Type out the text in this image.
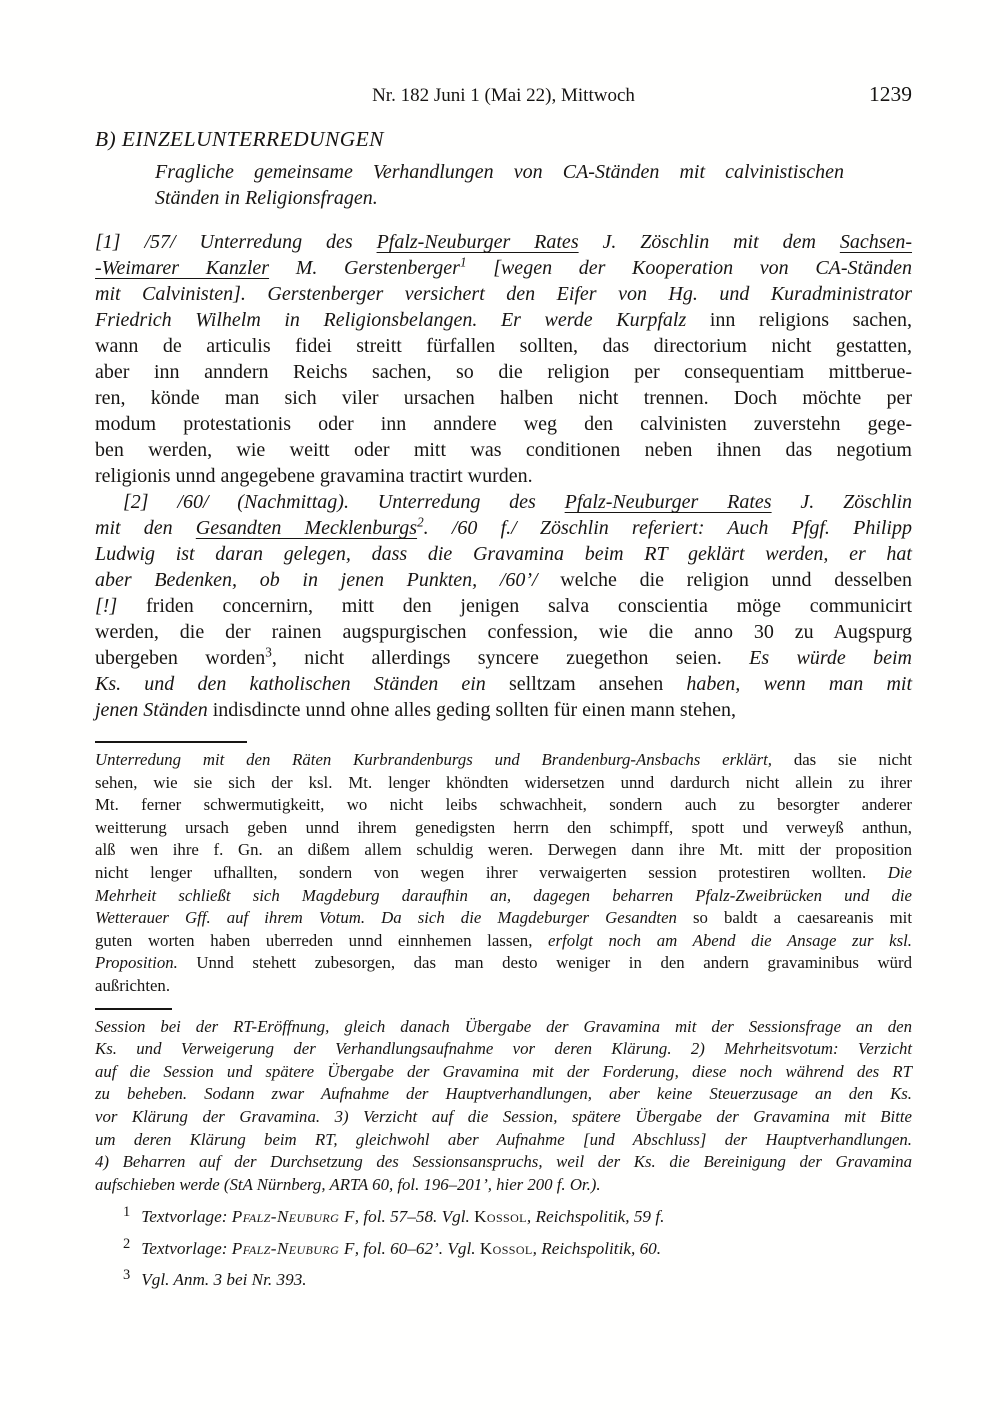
Nr. 182 Juni 1 (Mai 22), Mittwoch	1239
B) EINZELUNTERREDUNGEN
Fragliche gemeinsame Verhandlungen von CA-Ständen mit calvinistischen
Ständen in Religionsfragen.
[1] /57/ Unterredung des Pfalz-Neuburger Rates J. Zöschlin mit dem Sachsen-
-Weimarer Kanzler M. Gerstenberger$^1$ [wegen der Kooperation von CA-Ständen
mit Calvinisten]. Gerstenberger versichert den Eifer von Hg. und Kuradministrator
Friedrich Wilhelm in Religionsbelangen. Er werde Kurpfalz inn religions sachen,
wann de articulis fidei streitt fürfallen sollten, das directorium nicht gestatten,
aber inn anndern Reichs sachen, so die religion per consequentiam mittberue-
ren, könde man sich viler ursachen halben nicht trennen. Doch möchte per
modum protestationis oder inn anndere weg den calvinisten zuverstehn gege-
ben werden, wie weitt oder mitt was conditionen neben ihnen das negotium
religionis unnd angegebene gravamina tractirt wurden.
[2] /60/ (Nachmittag). Unterredung des Pfalz-Neuburger Rates J. Zöschlin
mit den Gesandten Mecklenburgs$^2$. /60 f./ Zöschlin referiert: Auch Pfgf. Philipp
Ludwig ist daran gelegen, dass die Gravamina beim RT geklärt werden, er hat
aber Bedenken, ob in jenen Punkten, /60’/ welche die religion unnd desselben
[!] friden concernirn, mitt den jenigen salva conscientia möge communicirt
werden, die der rainen augspurgischen confession, wie die anno 30 zu Augspurg
ubergeben worden$^3$, nicht allerdings syncere zuegethon seien. Es würde beim
Ks. und den katholischen Ständen ein selltzam ansehen haben, wenn man mit
jenen Ständen indisdincte unnd ohne alles geding sollten für einen mann stehen,
Unterredung mit den Räten Kurbrandenburgs und Brandenburg-Ansbachs erklärt, das sie nicht
sehen, wie sie sich der ksl. Mt. lenger khöndten widersetzen unnd dardurch nicht allein zu ihrer
Mt. ferner schwermutigkeitt, wo nicht leibs schwachheit, sondern auch zu besorgter anderer
weitterung ursach geben unnd ihrem genedigsten herrn den schimpff, spott und verweyß anthun,
alß wen ihre f. Gn. an dißem allem schuldig weren. Derwegen dann ihre Mt. mitt der proposition
nicht lenger ufhallten, sondern von wegen ihrer verwaigerten session protestiren wollten. Die
Mehrheit schließt sich Magdeburg daraufhin an, dagegen beharren Pfalz-Zweibrücken und die
Wetterauer Gff. auf ihrem Votum. Da sich die Magdeburger Gesandten so baldt a caesareanis mit
guten worten haben uberreden unnd einnhemen lassen, erfolgt noch am Abend die Ansage zur ksl.
Proposition. Unnd stehett zubesorgen, das man desto weniger in den andern gravaminibus würd
außrichten.
Session bei der RT-Eröffnung, gleich danach Übergabe der Gravamina mit der Sessionsfrage an den
Ks. und Verweigerung der Verhandlungsaufnahme vor deren Klärung. 2) Mehrheitsvotum: Verzicht
auf die Session und spätere Übergabe der Gravamina mit der Forderung, diese noch während des RT
zu beheben. Sodann zwar Aufnahme der Hauptverhandlungen, aber keine Steuerzusage an den Ks.
vor Klärung der Gravamina. 3) Verzicht auf die Session, spätere Übergabe der Gravamina mit Bitte
um deren Klärung beim RT, gleichwohl aber Aufnahme [und Abschluss] der Hauptverhandlungen.
4) Beharren auf der Durchsetzung des Sessionsanspruchs, weil der Ks. die Bereinigung der Gravamina
aufschieben werde (StA Nürnberg, ARTA 60, fol. 196–201’, hier 200 f. Or.).
1 Textvorlage: Pfalz-Neuburg F, fol. 57–58. Vgl. Kossol, Reichspolitik, 59 f.
2 Textvorlage: Pfalz-Neuburg F, fol. 60–62’. Vgl. Kossol, Reichspolitik, 60.
3 Vgl. Anm. 3 bei Nr. 393.
